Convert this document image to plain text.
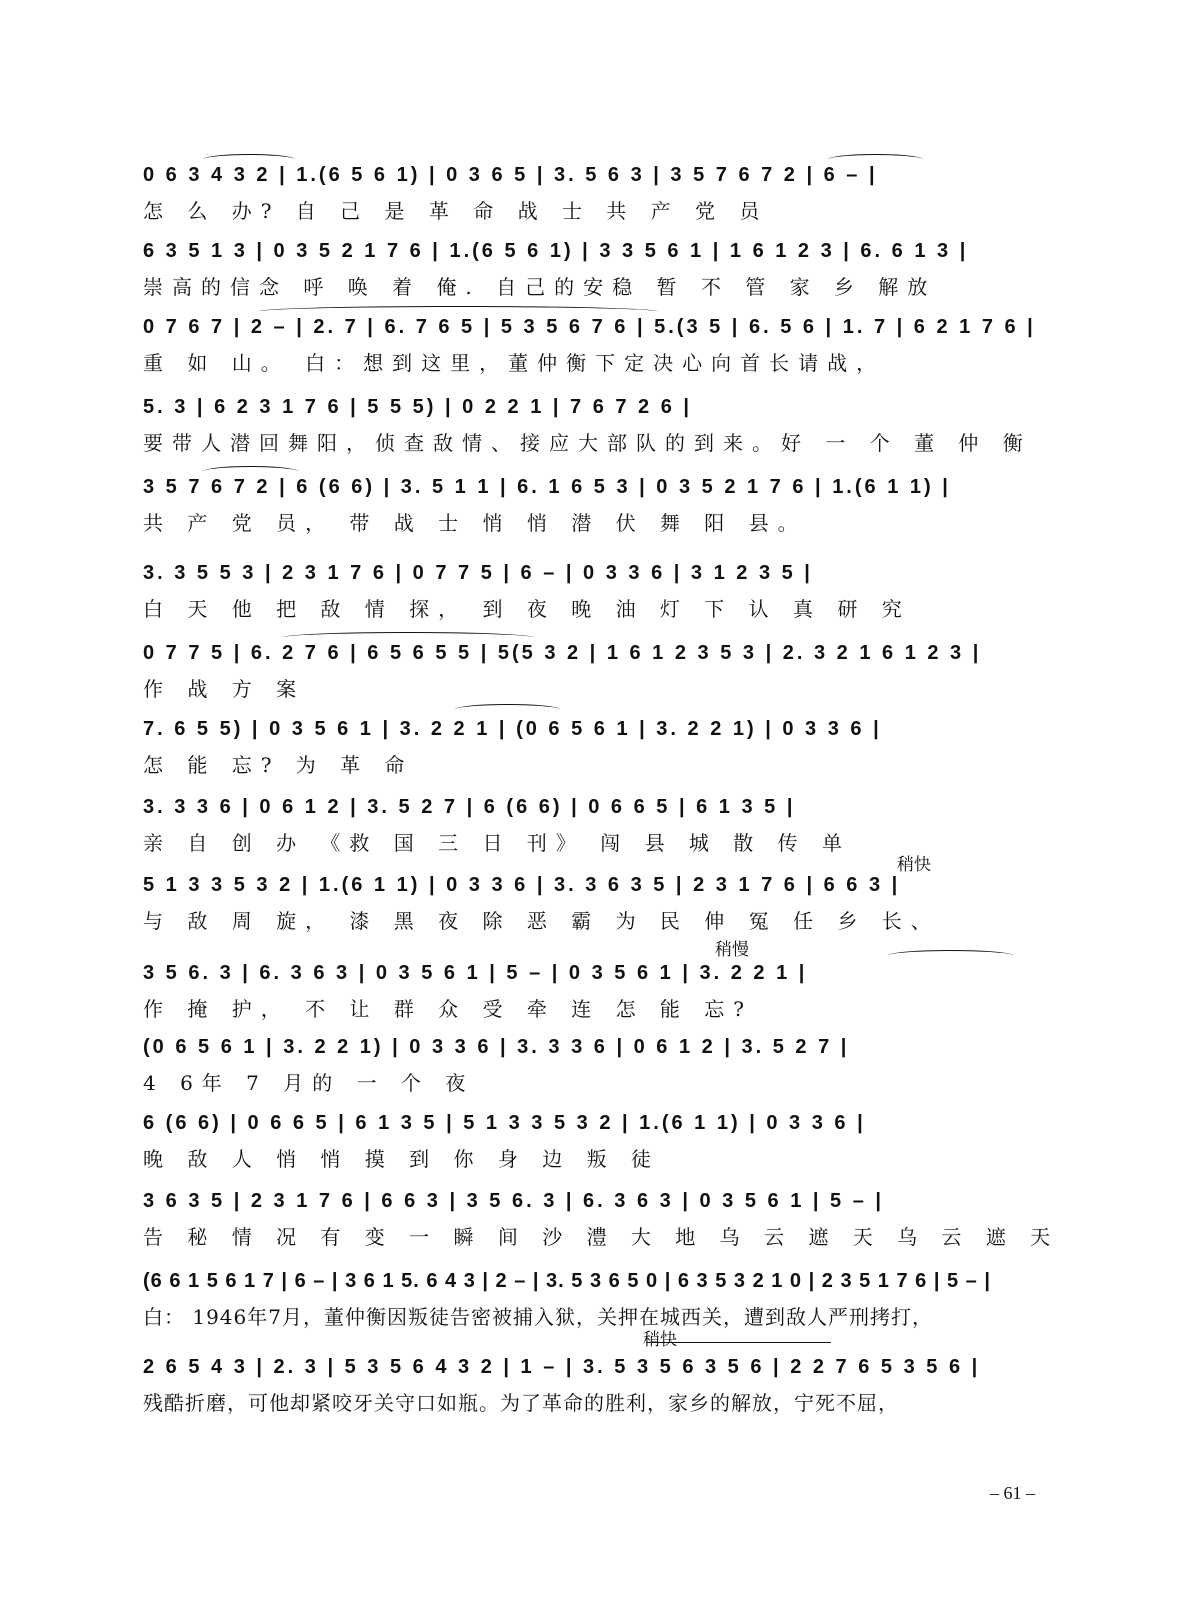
0 6 3 4 3 2 | 1.(6 5 6 1) | 0 3 6 5 | 3. 5 6 3 | 3 5 7 6 7 2 | 6 – |
怎 么 办? 自 己 是 革 命 战 士 共 产 党 员
6 3 5 1 3 | 0 3 5 2 1 7 6 | 1.(6 5 6 1) | 3 3 5 6 1 | 1 6 1 2 3 | 6. 6 1 3 |
崇高的信念 呼 唤 着 俺. 自己的安稳 暂 不 管 家 乡 解放
0 7 6 7 | 2 – | 2. 7 | 6. 7 6 5 | 5 3 5 6 7 6 | 5.(3 5 | 6. 5 6 | 1. 7 | 6 2 1 7 6 |
重 如 山。 白：想到这里，董仲衡下定决心向首长请战，
5. 3 | 6 2 3 1 7 6 | 5 5 5) | 0 2 2 1 | 7 6 7 2 6 |
要带人潜回舞阳，侦查敌情、接应大部队的到来。好 一 个 董 仲 衡
3 5 7 6 7 2 | 6 (6 6) | 3. 5 1 1 | 6. 1 6 5 3 | 0 3 5 2 1 7 6 | 1.(6 1 1) |
共 产 党 员， 带 战 士 悄 悄 潜 伏 舞 阳 县。
3. 3 5 5 3 | 2 3 1 7 6 | 0 7 7 5 | 6 – | 0 3 3 6 | 3 1 2 3 5 |
白 天 他 把 敌 情 探， 到 夜 晚 油 灯 下 认 真 研 究
0 7 7 5 | 6. 2 7 6 | 6 5 6 5 5 | 5(5 3 2 | 1 6 1 2 3 5 3 | 2. 3 2 1 6 1 2 3 |
作 战 方 案
7. 6 5 5) | 0 3 5 6 1 | 3. 2 2 1 | (0 6 5 6 1 | 3. 2 2 1) | 0 3 3 6 |
怎 能 忘? 为 革 命
3. 3 3 6 | 0 6 1 2 | 3. 5 2 7 | 6 (6 6) | 0 6 6 5 | 6 1 3 5 |
亲 自 创 办 《救 国 三 日 刊》 闯 县 城 散 传 单
稍快
5 1 3 3 5 3 2 | 1.(6 1 1) | 0 3 3 6 | 3. 3 6 3 5 | 2 3 1 7 6 | 6 6 3 |
与 敌 周 旋， 漆 黑 夜 除 恶 霸 为 民 伸 冤 任 乡 长、
稍慢
3 5 6. 3 | 6. 3 6 3 | 0 3 5 6 1 | 5 – | 0 3 5 6 1 | 3. 2 2 1 |
作 掩 护， 不 让 群 众 受 牵 连 怎 能 忘?
(0 6 5 6 1 | 3. 2 2 1) | 0 3 3 6 | 3. 3 3 6 | 0 6 1 2 | 3. 5 2 7 |
4 6年 7 月的 一 个 夜
6 (6 6) | 0 6 6 5 | 6 1 3 5 | 5 1 3 3 5 3 2 | 1.(6 1 1) | 0 3 3 6 |
晚 敌 人 悄 悄 摸 到 你 身 边 叛 徒
3 6 3 5 | 2 3 1 7 6 | 6 6 3 | 3 5 6. 3 | 6. 3 6 3 | 0 3 5 6 1 | 5 – |
告 秘 情 况 有 变 一 瞬 间 沙 澧 大 地 乌 云 遮 天 乌 云 遮 天
(6 6 1 5 6 1 7 | 6 – | 3 6 1 5. 6 4 3 | 2 – | 3. 5 3 6 5 0 | 6 3 5 3 2 1 0 | 2 3 5 1 7 6 | 5 – |
白： 1946年7月，董仲衡因叛徒告密被捕入狱，关押在城西关，遭到敌人严刑拷打，
稍快
2 6 5 4 3 | 2. 3 | 5 3 5 6 4 3 2 | 1 – | 3. 5 3 5 6 3 5 6 | 2 2 7 6 5 3 5 6 |
残酷折磨，可他却紧咬牙关守口如瓶。为了革命的胜利，家乡的解放，宁死不屈，
– 61 –
